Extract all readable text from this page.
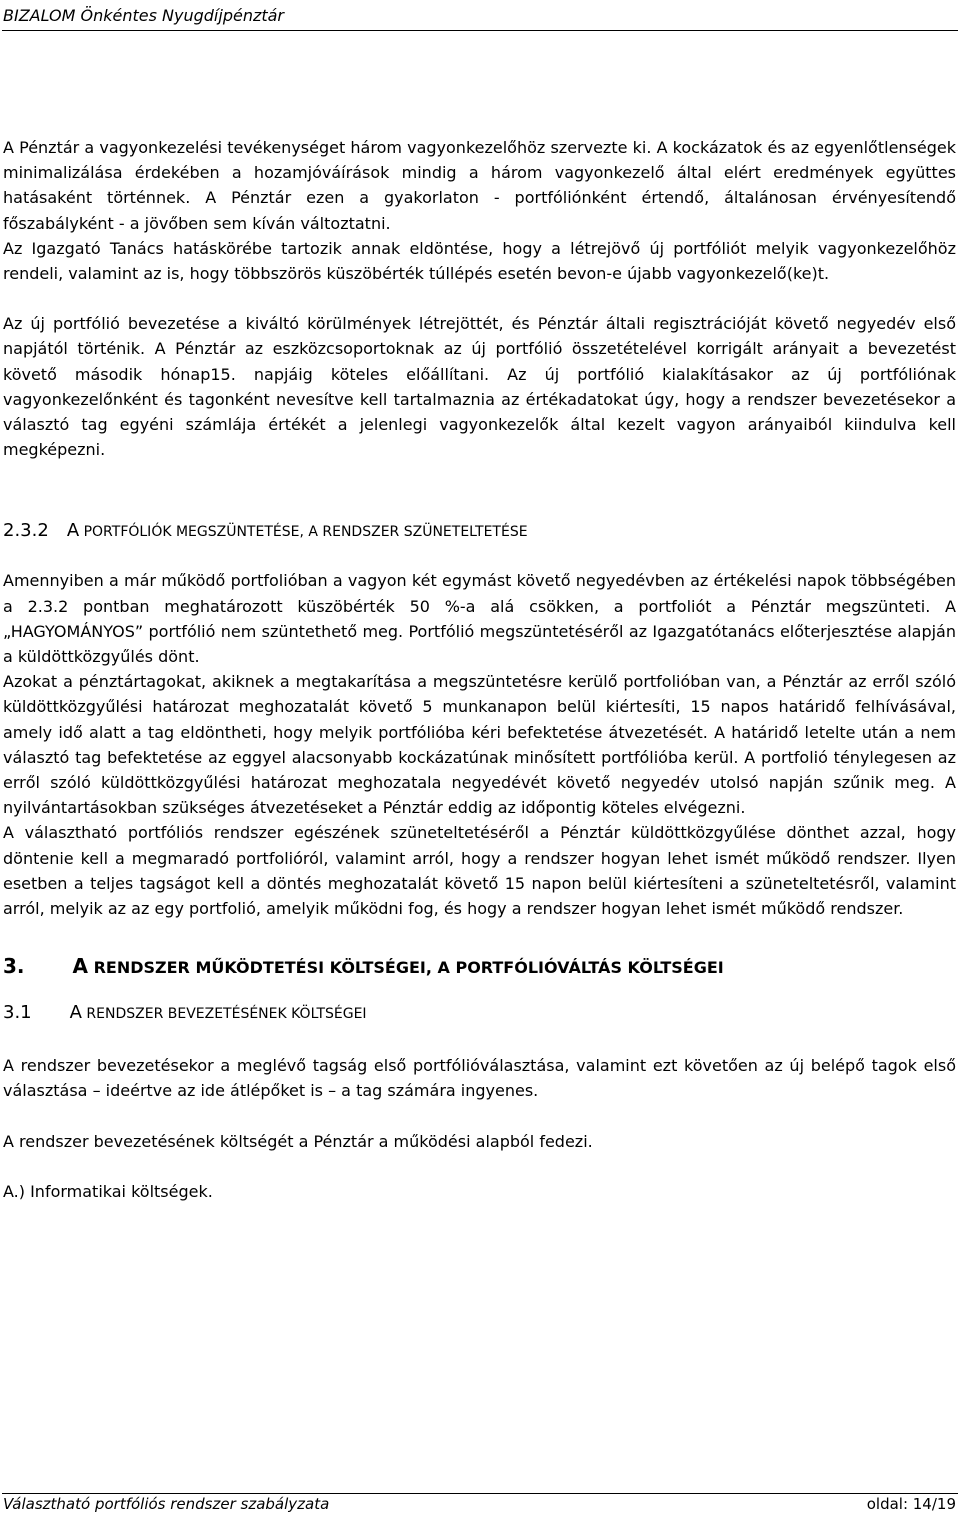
BIZALOM Önkéntes Nyugdíjpénztár

A Pénztár a vagyonkezelési tevékenységet három vagyonkezelőhöz szervezte ki. A kockázatok és az egyenlőtlenségek minimalizálása érdekében a hozamjóváírások mindig a három vagyonkezelő által elért eredmények együttes hatásaként történnek. A Pénztár ezen a gyakorlaton - portfóliónként értendő, általánosan érvényesítendő főszabályként - a jövőben sem kíván változtatni.

Az Igazgató Tanács hatáskörébe tartozik annak eldöntése, hogy a létrejövő új portfóliót melyik vagyonkezelőhöz rendeli, valamint az is, hogy többszörös küszöbérték túllépés esetén bevon-e újabb vagyonkezelő(ke)t.

Az új portfólió bevezetése a kiváltó körülmények létrejöttét, és Pénztár általi regisztrációját követő negyedév első napjától történik. A Pénztár az eszközcsoportoknak az új portfólió összetételével korrigált arányait a bevezetést követő második hónap15. napjáig köteles előállítani. Az új portfólió kialakításakor az új portfóliónak vagyonkezelőnként és tagonként nevesítve kell tartalmaznia az értékadatokat úgy, hogy a rendszer bevezetésekor a választó tag egyéni számlája értékét a jelenlegi vagyonkezelők által kezelt vagyon arányaiból kiindulva kell megképezni.

2.3.2 A PORTFÓLIÓK MEGSZÜNTETÉSE, A RENDSZER SZÜNETELTETÉSE

Amennyiben a már működő portfolióban a vagyon két egymást követő negyedévben az értékelési napok többségében a 2.3.2 pontban meghatározott küszöbérték 50 %-a alá csökken, a portfoliót a Pénztár megszünteti. A „HAGYOMÁNYOS” portfólió nem szüntethető meg. Portfólió megszüntetéséről az Igazgatótanács előterjesztése alapján a küldöttközgyűlés dönt.

Azokat a pénztártagokat, akiknek a megtakarítása a megszüntetésre kerülő portfolióban van, a Pénztár az erről szóló küldöttközgyűlési határozat meghozatalát követő 5 munkanapon belül kiértesíti, 15 napos határidő felhívásával, amely idő alatt a tag eldöntheti, hogy melyik portfólióba kéri befektetése átvezetését. A határidő letelte után a nem választó tag befektetése az eggyel alacsonyabb kockázatúnak minősített portfólióba kerül. A portfolió ténylegesen az erről szóló küldöttközgyűlési határozat meghozatala negyedévét követő negyedév utolsó napján szűnik meg. A nyilvántartásokban szükséges átvezetéseket a Pénztár eddig az időpontig köteles elvégezni.

A választható portfóliós rendszer egészének szüneteltetéséről a Pénztár küldöttközgyűlése dönthet azzal, hogy döntenie kell a megmaradó portfolióról, valamint arról, hogy a rendszer hogyan lehet ismét működő rendszer. Ilyen esetben a teljes tagságot kell a döntés meghozatalát követő 15 napon belül kiértesíteni a szüneteltetésről, valamint arról, melyik az az egy portfolió, amelyik működni fog, és hogy a rendszer hogyan lehet ismét működő rendszer.

3. A RENDSZER MŰKÖDTETÉSI KÖLTSÉGEI, A PORTFÓLIÓVÁLTÁS KÖLTSÉGEI
3.1 A RENDSZER BEVEZETÉSÉNEK KÖLTSÉGEI

A rendszer bevezetésekor a meglévő tagság első portfólióválasztása, valamint ezt követően az új belépő tagok első választása – ideértve az ide átlépőket is – a tag számára ingyenes.

A rendszer bevezetésének költségét a Pénztár a működési alapból fedezi.

A.) Informatikai költségek.

Választható portfóliós rendszer szabályzata	oldal: 14/19
